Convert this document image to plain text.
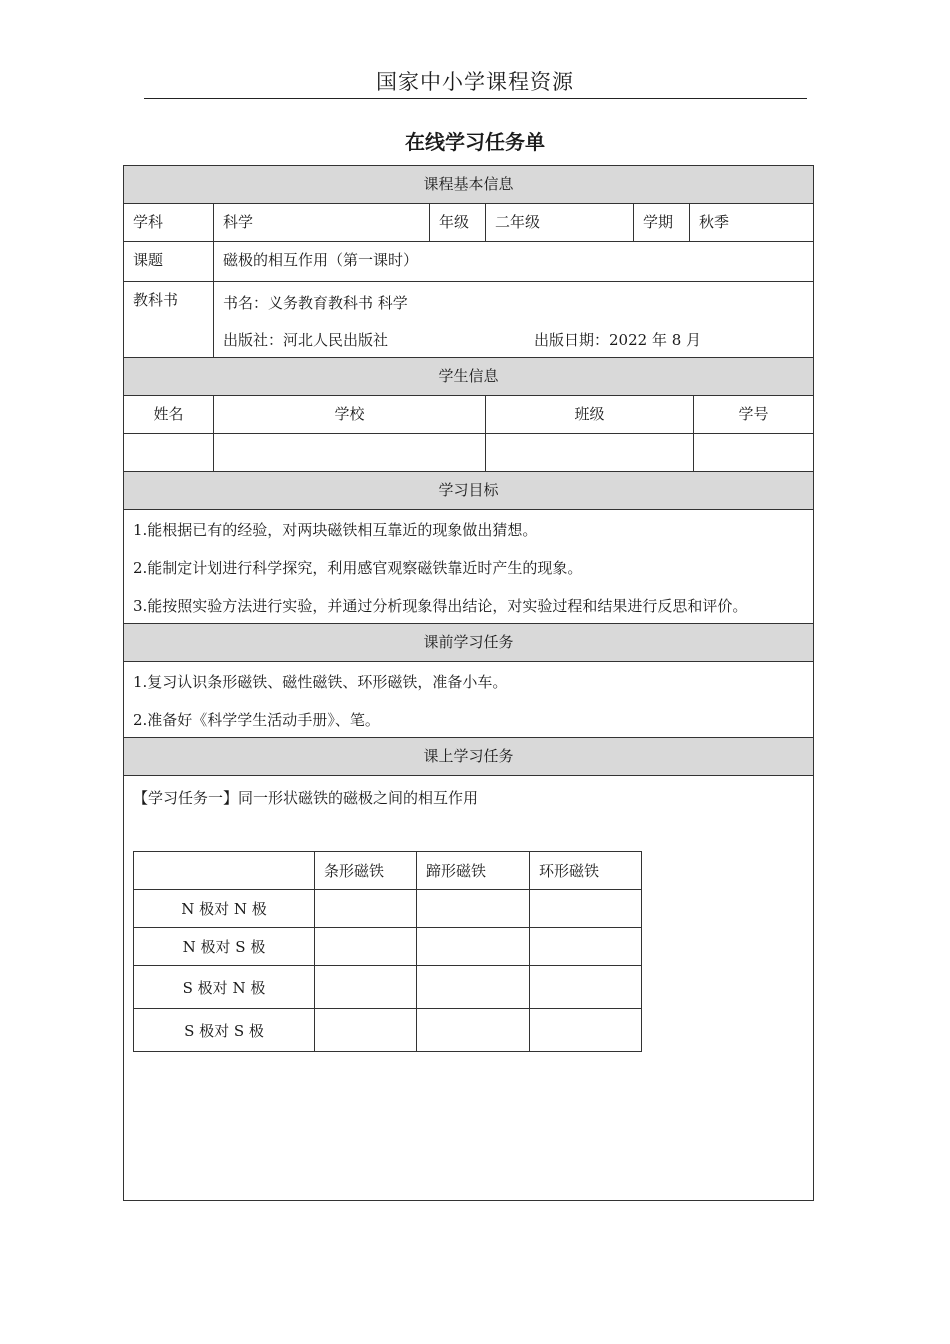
国家中小学课程资源
在线学习任务单
课程基本信息
学科	科学	年级	二年级	学期	秋季
课题	磁极的相互作用（第一课时）
教科书	书名：义务教育教科书 科学
出版社：河北人民出版社	出版日期：2022 年 8 月
学生信息
姓名	学校	班级	学号
学习目标
1.能根据已有的经验，对两块磁铁相互靠近的现象做出猜想。
2.能制定计划进行科学探究，利用感官观察磁铁靠近时产生的现象。
3.能按照实验方法进行实验，并通过分析现象得出结论，对实验过程和结果进行反思和评价。
课前学习任务
1.复习认识条形磁铁、磁性磁铁、环形磁铁，准备小车。
2.准备好《科学学生活动手册》、笔。
课上学习任务
【学习任务一】同一形状磁铁的磁极之间的相互作用
	条形磁铁	蹄形磁铁	环形磁铁
N 极对 N 极			
N 极对 S 极			
S 极对 N 极			
S 极对 S 极			
